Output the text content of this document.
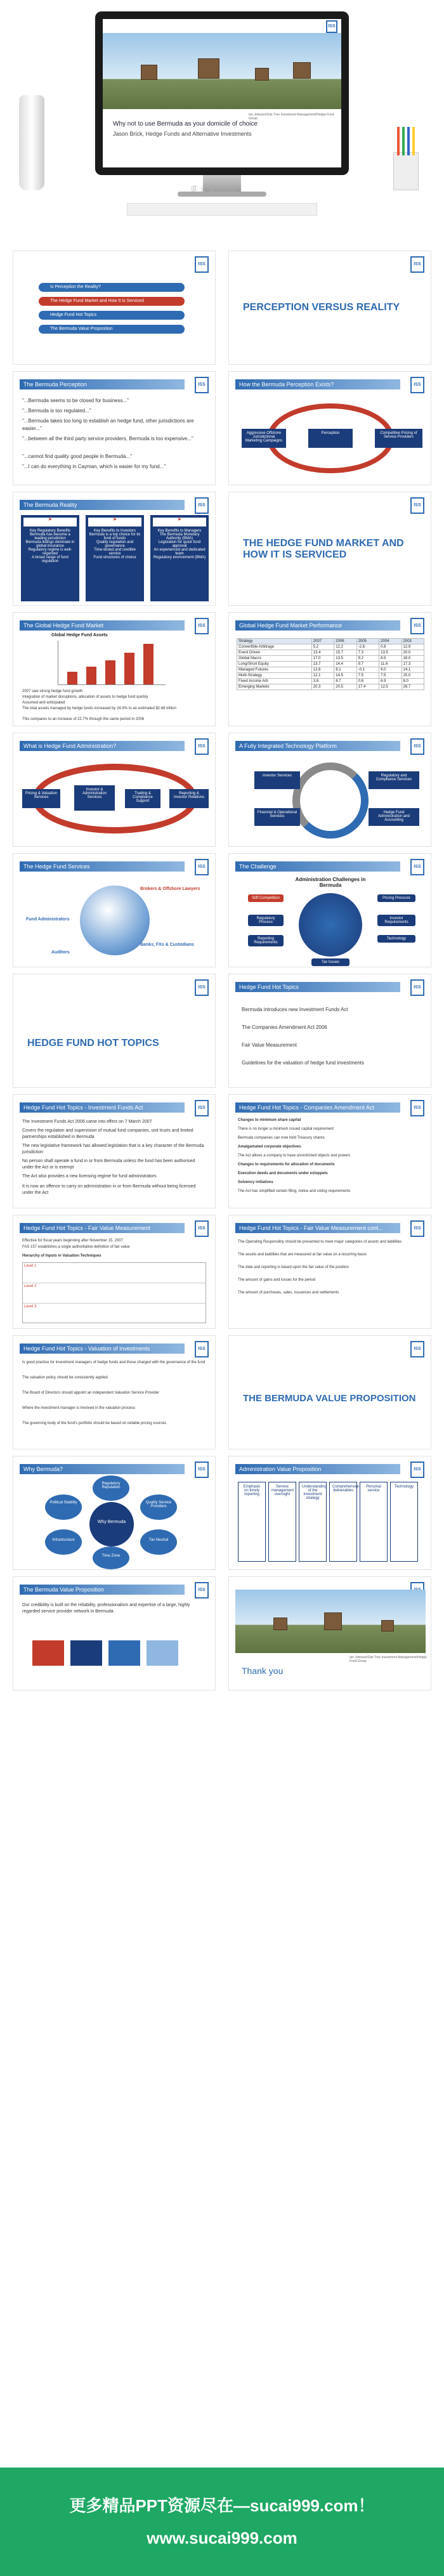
ISS
Ian Johnson/Oak Tree Investment Management/Hedge Fund Group
Why not to use Bermuda as your domicile of choice
Jason Brick, Hedge Funds and Alternative Investments
觅元素图库
ISS
Is Perception the Reality?
The Hedge Fund Market and How It Is Serviced
Hedge Fund Hot Topics
The Bermuda Value Proposition
ISS
PERCEPTION VERSUS REALITY
The Bermuda Perception	ISS
"...Bermuda seems to be closed for business..."
"...Bermuda is too regulated..."
"...Bermuda takes too long to establish an hedge fund, other jurisdictions are easier..."
"...between all the third party service providers, Bermuda is too expensive..."
"...cannot find quality good people in Bermuda..."
"...I can do everything in Cayman, which is easier for my fund..."
How the Bermuda Perception Exists?	ISS
Aggressive Offshore Jurisdictional Marketing Campaigns
Perception	Competitive Pricing of Service Providers
The Bermuda Reality	ISS
⚑
Key Regulatory Benefits
Bermuda has become a leading jurisdiction
Bermuda listings dominate in global insurance
Regulatory regime is well-regarded
A broad range of fund regulation
⚑
Key Benefits to Investors
Bermuda is a top choice for its fund of funds
Quality regulation and governance
Time-tested and credible service
Fund structures of choice
⚑
Key Benefits to Managers
The Bermuda Monetary Authority (BMA)
Legislation for quick fund approval
An experienced and dedicated team
Regulatory environment (BMA)
ISS
THE HEDGE FUND MARKET AND HOW IT IS SERVICED
The Global Hedge Fund Market	ISS
Global Hedge Fund Assets
2007 saw strong hedge fund growth
Integration of market disruptions, allocation of assets to hedge fund quickly
Assumed and anticipated
The total assets managed by hedge funds increased by 24.9% to an estimated $2.68 trillion
This compares to an increase of 22.7% through the same period in 2006
Global Hedge Fund Market Performance	ISS
Strategy	2007	2006	2005	2004	2003
Convertible Arbitrage	5.2	12.2	-2.6	0.8	12.9
Event Driven	13.4	15.7	7.3	13.5	20.0
Global Macro	17.0	13.5	9.2	8.5	18.0
Long/Short Equity	13.7	14.4	9.7	11.6	17.3
Managed Futures	12.6	8.1	-0.1	6.0	14.1
Multi-Strategy	12.1	14.5	7.5	7.5	15.0
Fixed Income Arb	3.8	8.7	0.6	6.9	8.0
Emerging Markets	20.3	20.5	17.4	12.5	28.7
What is Hedge Fund Administration?	ISS
Pricing & Valuation Services
Investor & Administration Services
Trading & Compliance Support
Reporting & Investor Relations
A Fully Integrated Technology Platform	ISS
Investor Services	Regulatory and Compliance Services
Financial & Operational Services
Hedge Fund Administration and Accounting
The Hedge Fund Services	ISS
Brokers & Offshore Lawyers
Fund Administrators
Auditors
Banks, FXs & Custodians
The Challenge	ISS
Administration Challenges in Bermuda
Stiff Competition
Regulatory Process
Reporting Requirements
Pricing Pressure
Investor Requirements
Technology
Tax Issues
ISS
HEDGE FUND HOT TOPICS
Hedge Fund Hot Topics	ISS
Bermuda introduces new Investment Funds Act
The Companies Amendment Act 2006
Fair Value Measurement
Guidelines for the valuation of hedge fund investments
Hedge Fund Hot Topics - Investment Funds Act	ISS
The Investment Funds Act 2006 came into effect on 7 March 2007
Covers the regulation and supervision of mutual fund companies, unit trusts and limited partnerships established in Bermuda
The new legislative framework has allowed legislation that is a key character of the Bermuda jurisdiction
No person shall operate a fund in or from Bermuda unless the fund has been authorised under the Act or is exempt
The Act also provides a new licensing regime for fund administrators
It is now an offence to carry on administration in or from Bermuda without being licensed under the Act
Hedge Fund Hot Topics - Companies Amendment Act	ISS
Changes to minimum share capital
There is no longer a minimum issued capital requirement
Bermuda companies can now hold Treasury shares
Amalgamated corporate objectives
The Act allows a company to have unrestricted objects and powers
Changes to requirements for allocation of documents
Execution deeds and documents under estoppels
Solvency initiatives
The Act has simplified certain filing, notice and voting requirements
Hedge Fund Hot Topics - Fair Value Measurement	ISS
Effective for fiscal years beginning after November 15, 2007
FAS 157 establishes a single authoritative definition of fair value
Hierarchy of Inputs in Valuation Techniques
Level 1
Level 2
Level 3
Hedge Fund Hot Topics - Fair Value Measurement cont...	ISS
The Operating Responsibly should be presented to meet major categories of assets and liabilities
The assets and liabilities that are measured at fair value on a recurring basis
The date and reporting is based upon the fair value of the position
The amount of gains and losses for the period
The amount of purchases, sales, issuances and settlements
Hedge Fund Hot Topics - Valuation of investments	ISS
Is good practice for investment managers of hedge funds and those charged with the governance of the fund
The valuation policy should be consistently applied
The Board of Directors should appoint an independent Valuation Service Provider
Where the investment manager is involved in the valuation process
The governing body of the fund's portfolio should be based on reliable pricing sources
ISS
THE BERMUDA VALUE PROPOSITION
Why Bermuda?	ISS
Why Bermuda
Regulatory Reputation
Quality Service Providers
Tax Neutral
Time Zone
Infrastructure
Political Stability
Administration Value Proposition	ISS
Emphasis on timely reporting
Service management oversight
Understanding of the investment strategy
Comprehensive deliverables
Personal service
Technology
The Bermuda Value Proposition	ISS
Our credibility is built on the reliability, professionalism and expertise of a large, highly regarded service provider network in Bermuda.
Ian Johnson/Oak Tree Investment Management/Hedge Fund Group
Thank you
更多精品PPT资源尽在—sucai999.com！
www.sucai999.com
